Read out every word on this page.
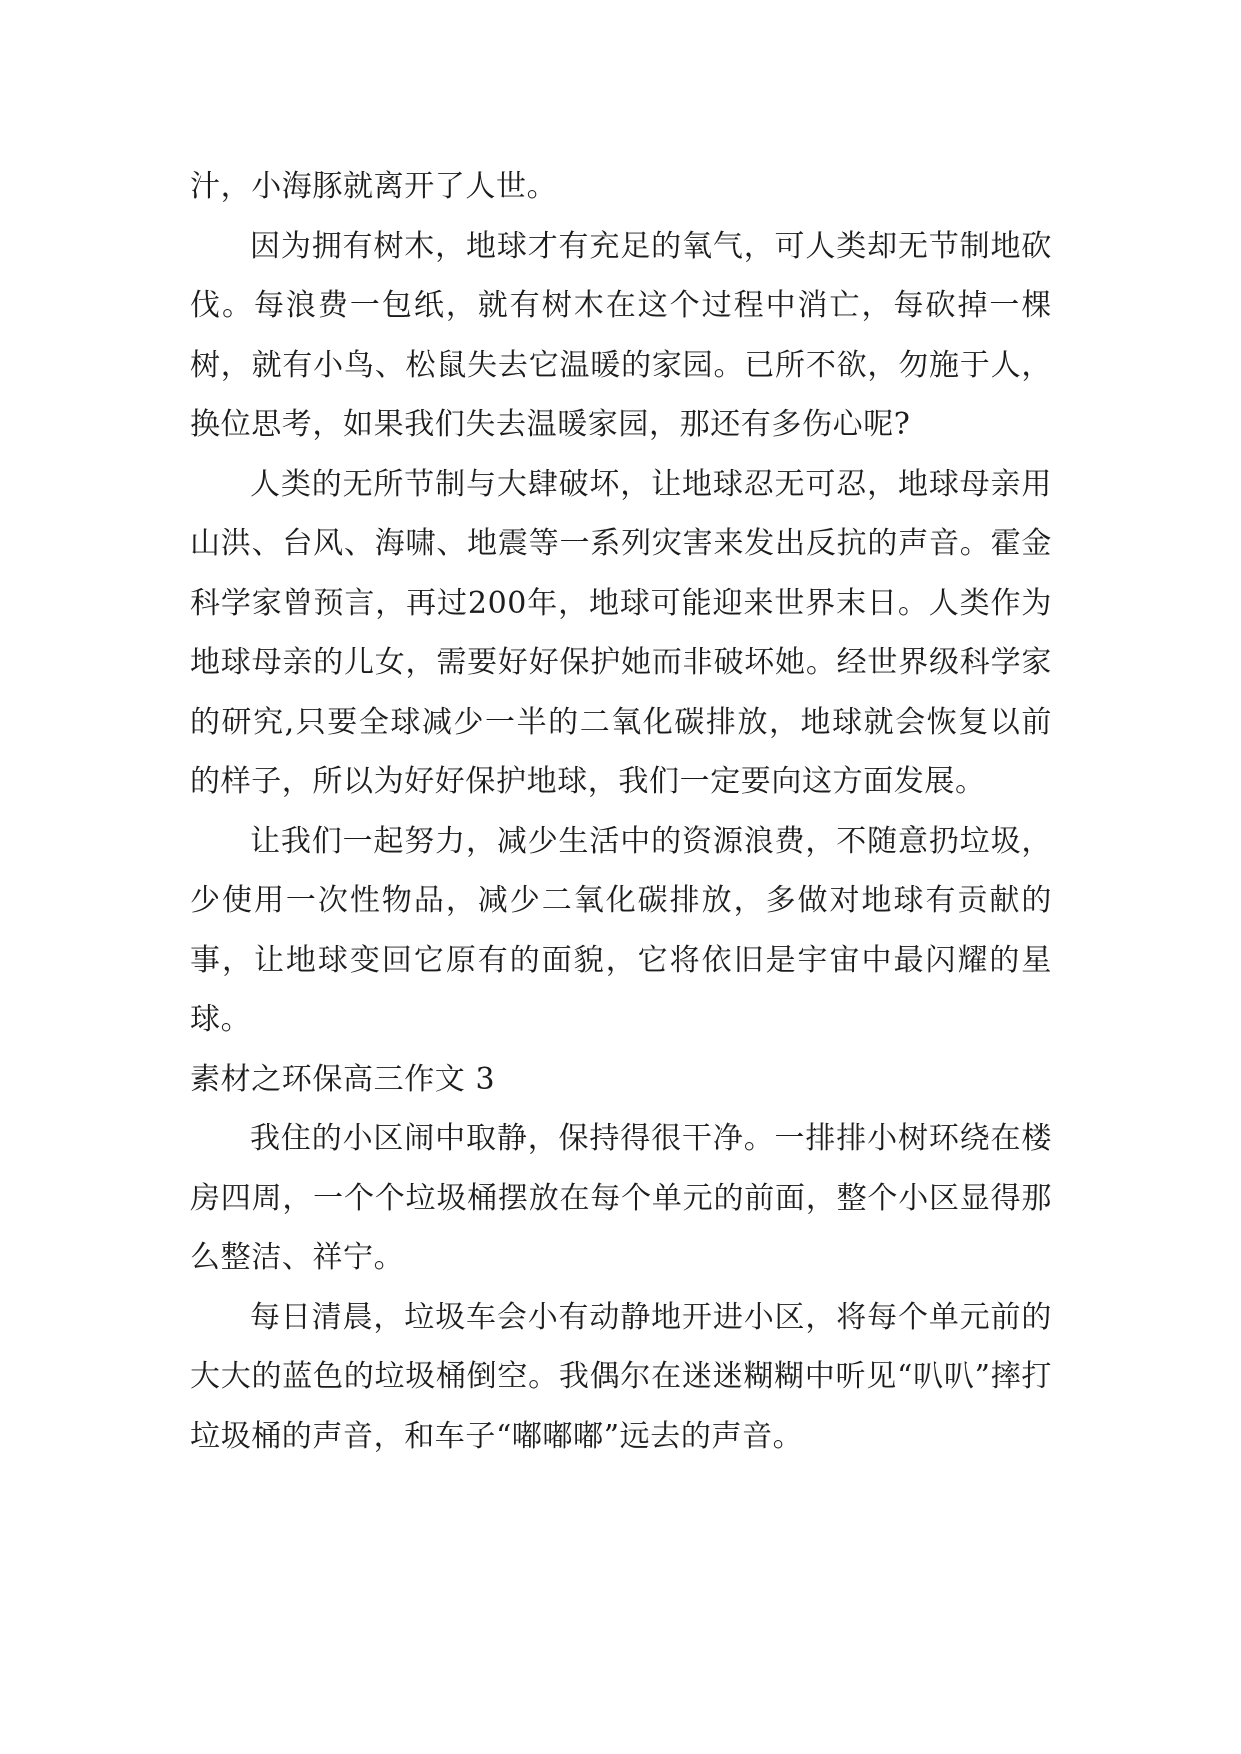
汁，小海豚就离开了人世。

因为拥有树木，地球才有充足的氧气，可人类却无节制地砍伐。每浪费一包纸，就有树木在这个过程中消亡，每砍掉一棵树，就有小鸟、松鼠失去它温暖的家园。已所不欲，勿施于人，换位思考，如果我们失去温暖家园，那还有多伤心呢?

人类的无所节制与大肆破坏，让地球忍无可忍，地球母亲用山洪、台风、海啸、地震等一系列灾害来发出反抗的声音。霍金科学家曾预言，再过200年，地球可能迎来世界末日。人类作为地球母亲的儿女，需要好好保护她而非破坏她。经世界级科学家的研究,只要全球减少一半的二氧化碳排放，地球就会恢复以前的样子，所以为好好保护地球，我们一定要向这方面发展。

让我们一起努力，减少生活中的资源浪费，不随意扔垃圾，少使用一次性物品，减少二氧化碳排放，多做对地球有贡献的事，让地球变回它原有的面貌，它将依旧是宇宙中最闪耀的星球。

素材之环保高三作文 3

我住的小区闹中取静，保持得很干净。一排排小树环绕在楼房四周，一个个垃圾桶摆放在每个单元的前面，整个小区显得那么整洁、祥宁。

每日清晨，垃圾车会小有动静地开进小区，将每个单元前的大大的蓝色的垃圾桶倒空。我偶尔在迷迷糊糊中听见“叭叭”摔打垃圾桶的声音，和车子“嘟嘟嘟”远去的声音。
